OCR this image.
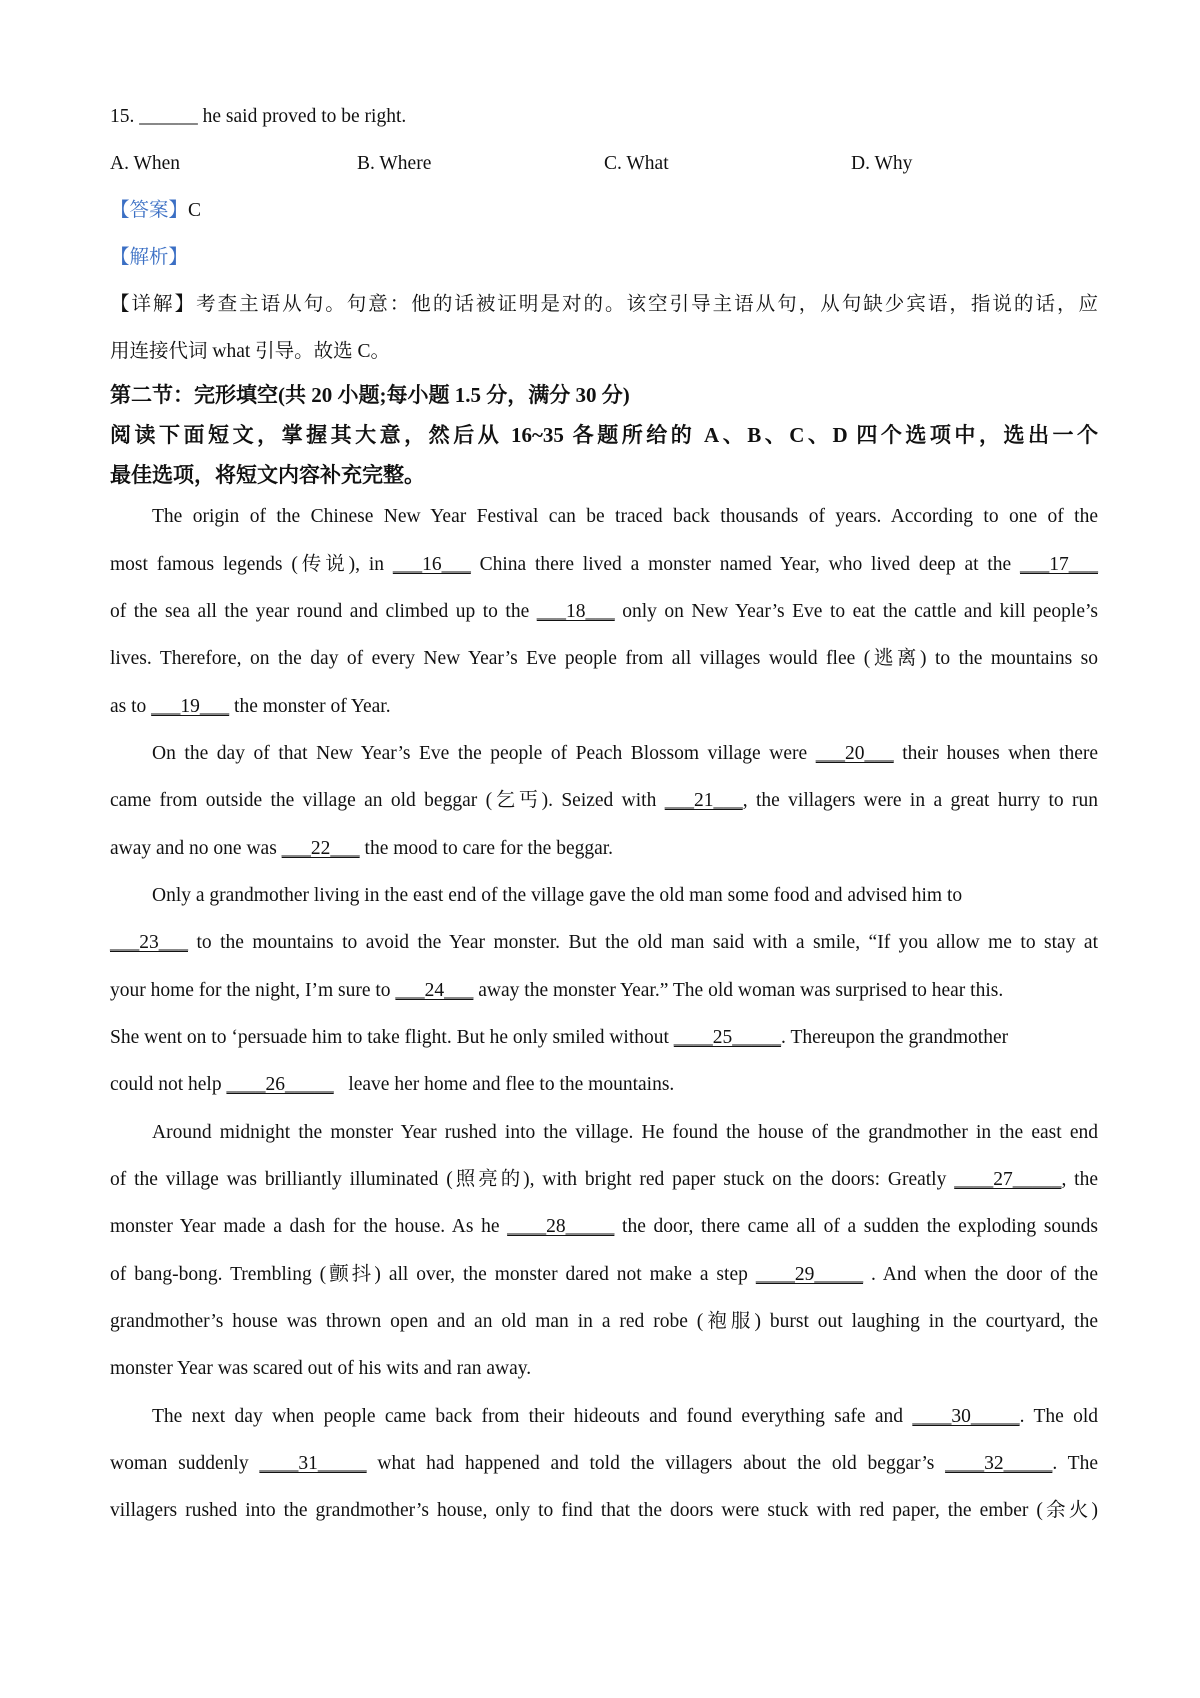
15. ______ he said proved to be right.
A. When	B. Where	C. What	D. Why
【答案】C
【解析】
【详解】考查主语从句。句意：他的话被证明是对的。该空引导主语从句，从句缺少宾语，指说的话，应
用连接代词 what 引导。故选 C。
第二节：完形填空(共 20 小题;每小题 1.5 分，满分 30 分)
阅读下面短文，掌握其大意，然后从 16~35 各题所给的 A、B、C、D 四个选项中，选出一个
最佳选项，将短文内容补充完整。
The origin of the Chinese New Year Festival can be traced back thousands of years. According to one of the
most famous legends (传说), in ___16___ China there lived a monster named Year, who lived deep at the ___17___
of the sea all the year round and climbed up to the ___18___ only on New Year’s Eve to eat the cattle and kill people’s
lives. Therefore, on the day of every New Year’s Eve people from all villages would flee (逃离) to the mountains so
as to ___19___ the monster of Year.
On the day of that New Year’s Eve the people of Peach Blossom village were ___20___ their houses when there
came from outside the village an old beggar (乞丐). Seized with ___21___, the villagers were in a great hurry to run
away and no one was ___22___ the mood to care for the beggar.
Only a grandmother living in the east end of the village gave the old man some food and advised him to
___23___ to the mountains to avoid the Year monster. But the old man said with a smile, “If you allow me to stay at
your home for the night, I’m sure to ___24___ away the monster Year.” The old woman was surprised to hear this.
She went on to ‘persuade him to take flight. But he only smiled without ____25_____. Thereupon the grandmother
could not help ____26_____   leave her home and flee to the mountains.
Around midnight the monster Year rushed into the village. He found the house of the grandmother in the east end
of the village was brilliantly illuminated (照亮的), with bright red paper stuck on the doors: Greatly ____27_____, the
monster Year made a dash for the house. As he ____28_____ the door, there came all of a sudden the exploding sounds
of bang-bong. Trembling (颤抖) all over, the monster dared not make a step ____29_____ . And when the door of the
grandmother’s house was thrown open and an old man in a red robe (袍服) burst out laughing in the courtyard, the
monster Year was scared out of his wits and ran away.
The next day when people came back from their hideouts and found everything safe and ____30_____. The old
woman suddenly ____31_____ what had happened and told the villagers about the old beggar’s ____32_____. The
villagers rushed into the grandmother’s house, only to find that the doors were stuck with red paper, the ember (余火)
